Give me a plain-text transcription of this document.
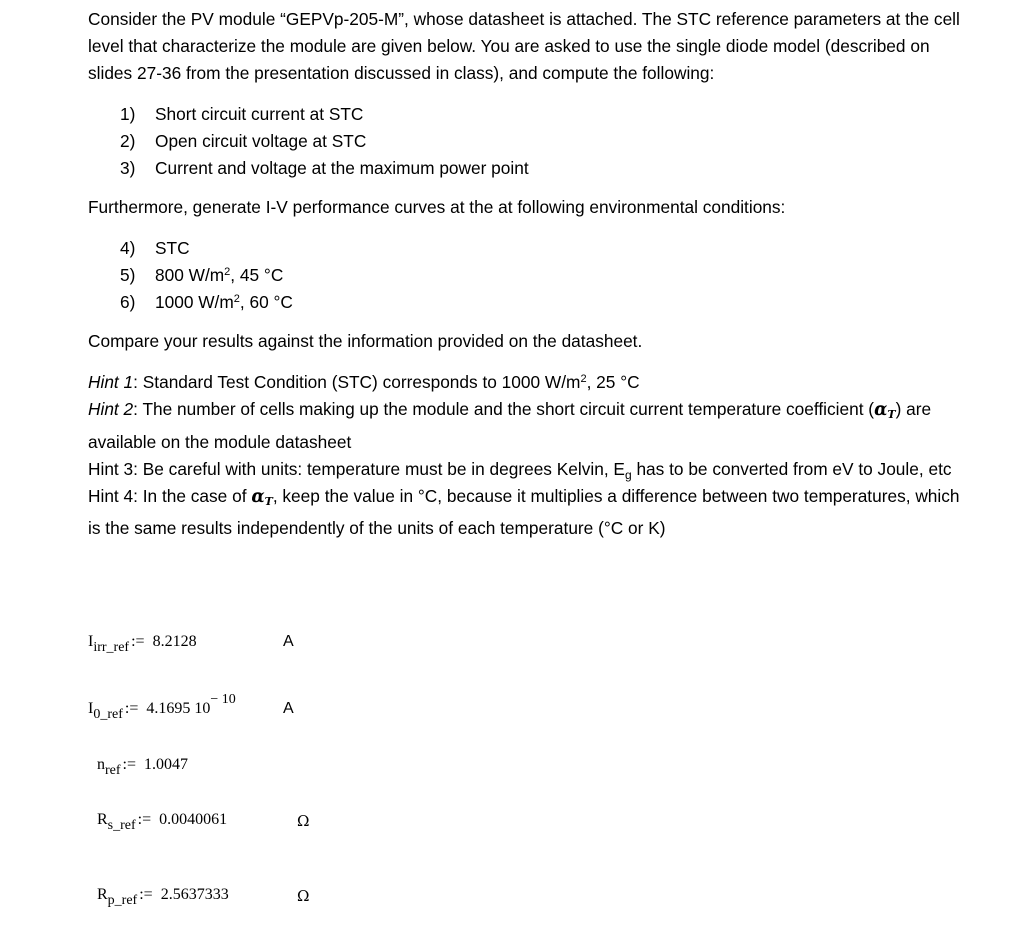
Consider the PV module “GEPVp-205-M”, whose datasheet is attached. The STC reference parameters at the cell level that characterize the module are given below. You are asked to use the single diode model (described on slides 27-36 from the presentation discussed in class), and compute the following:

1) Short circuit current at STC
2) Open circuit voltage at STC
3) Current and voltage at the maximum power point

Furthermore, generate I-V performance curves at the at following environmental conditions:

4) STC
5) 800 $W/m^2$, 45 °C
6) 1000 $W/m^2$, 60 °C

Compare your results against the information provided on the datasheet.

Hint 1: Standard Test Condition (STC) corresponds to 1000 $W/m^2$, 25 °C

Hint 2: The number of cells making up the module and the short circuit current temperature coefficient $(\alpha_T)$ are available on the module datasheet

Hint 3: Be careful with units: temperature must be in degrees Kelvin, $E_g$ has to be converted from eV to Joule, etc

Hint 4: In the case of $\alpha_T$, keep the value in °C, because it multiplies a difference between two temperatures, which is the same results independently of the units of each temperature (°C or K)

$I_{irr\_ref}$ := 8.2128	A
$I_{0\_ref}$ := 4.1695 10− 10
A
$n_{ref}$ := 1.0047
$R_{s\_ref}$ := 0.0040061	Ω
$R_{p\_ref}$ := 2.5637333	Ω
